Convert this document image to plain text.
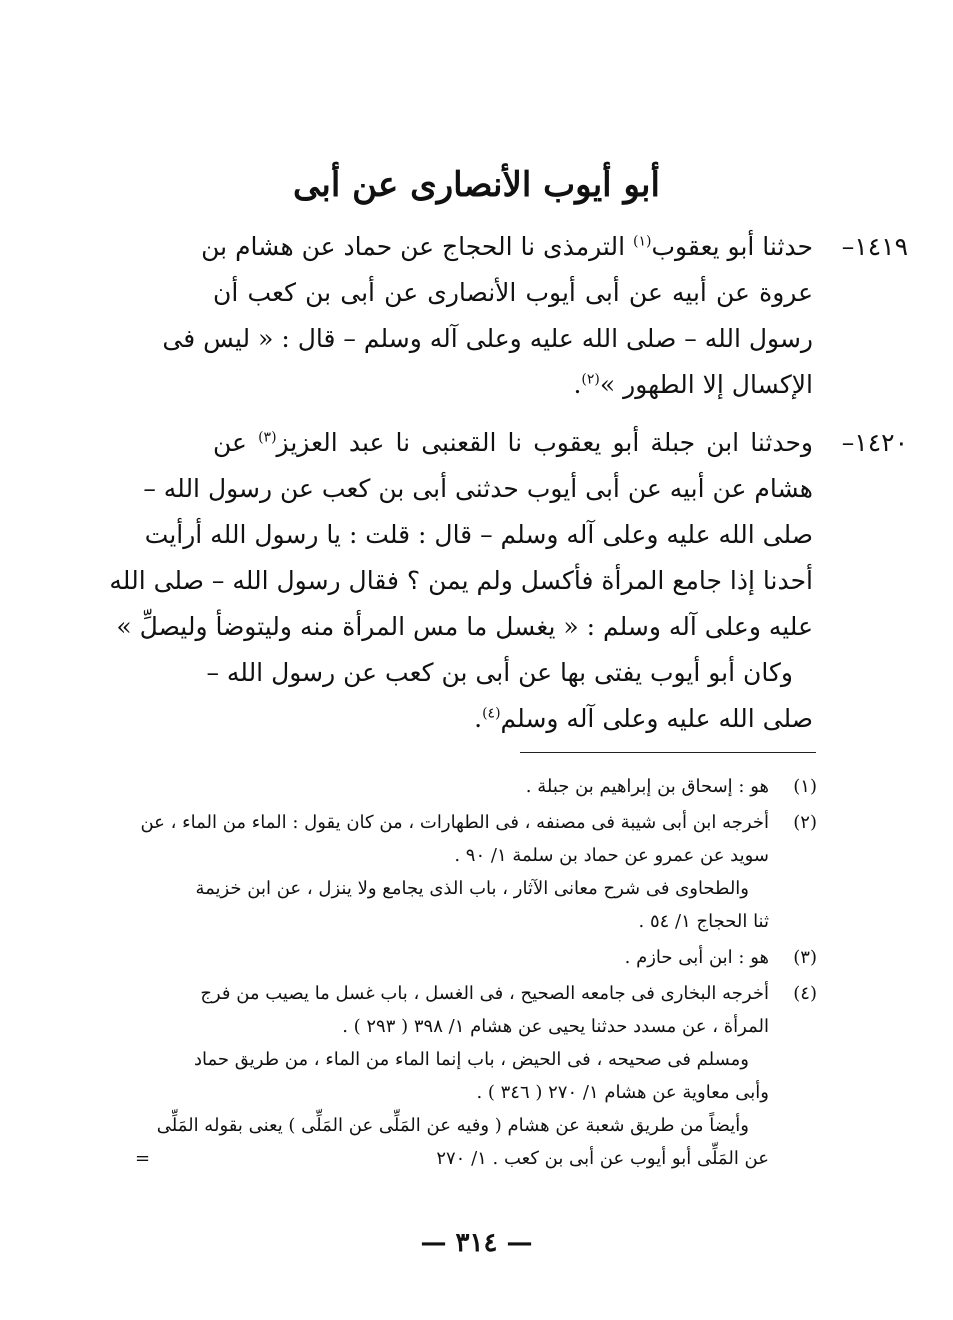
أبو أيوب الأنصارى عن أبى
١٤١٩–
حدثنا أبو يعقوب$^{(١)}$ الترمذى نا الحجاج عن حماد عن هشام بن
عروة عن أبيه عن أبى أيوب الأنصارى عن أبى بن كعب أن
رسول الله – صلى الله عليه وعلى آله وسلم – قال : « ليس فى
الإكسال إلا الطهور »$^{(٢)}$.
١٤٢٠–
وحدثنا ابن جبلة أبو يعقوب نا القعنبى نا عبد العزيز$^{(٣)}$ عن
هشام عن أبيه عن أبى أيوب حدثنى أبى بن كعب عن رسول الله –
صلى الله عليه وعلى آله وسلم – قال : قلت : يا رسول الله أرأيت
أحدنا إذا جامع المرأة فأكسل ولم يمن ؟ فقال رسول الله – صلى الله
عليه وعلى آله وسلم : « يغسل ما مس المرأة منه وليتوضأ وليصلِّ »
وكان أبو أيوب يفتى بها عن أبى بن كعب عن رسول الله –
صلى الله عليه وعلى آله وسلم$^{(٤)}$.
(١)
هو : إسحاق بن إبراهيم بن جبلة .
(٢)
أخرجه ابن أبى شيبة فى مصنفه ، فى الطهارات ، من كان يقول : الماء من الماء ، عن
سويد عن عمرو عن حماد بن سلمة ١/ ٩٠ .
والطحاوى فى شرح معانى الآثار ، باب الذى يجامع ولا ينزل ، عن ابن خزيمة
ثنا الحجاج ١/ ٥٤ .
(٣)
هو : ابن أبى حازم .
(٤)
أخرجه البخارى فى جامعه الصحيح ، فى الغسل ، باب غسل ما يصيب من فرج
المرأة ، عن مسدد حدثنا يحيى عن هشام ١/ ٣٩٨ ( ٢٩٣ ) .
ومسلم فى صحيحه ، فى الحيض ، باب إنما الماء من الماء ، من طريق حماد
وأبى معاوية عن هشام ١/ ٢٧٠ ( ٣٤٦ ) .
وأيضاً من طريق شعبة عن هشام ( وفيه عن المَلِّى عن المَلِّى ) يعنى بقوله المَلِّى
عن المَلِّى أبو أيوب عن أبى بن كعب . ١/ ٢٧٠
=
— ٣١٤ —
